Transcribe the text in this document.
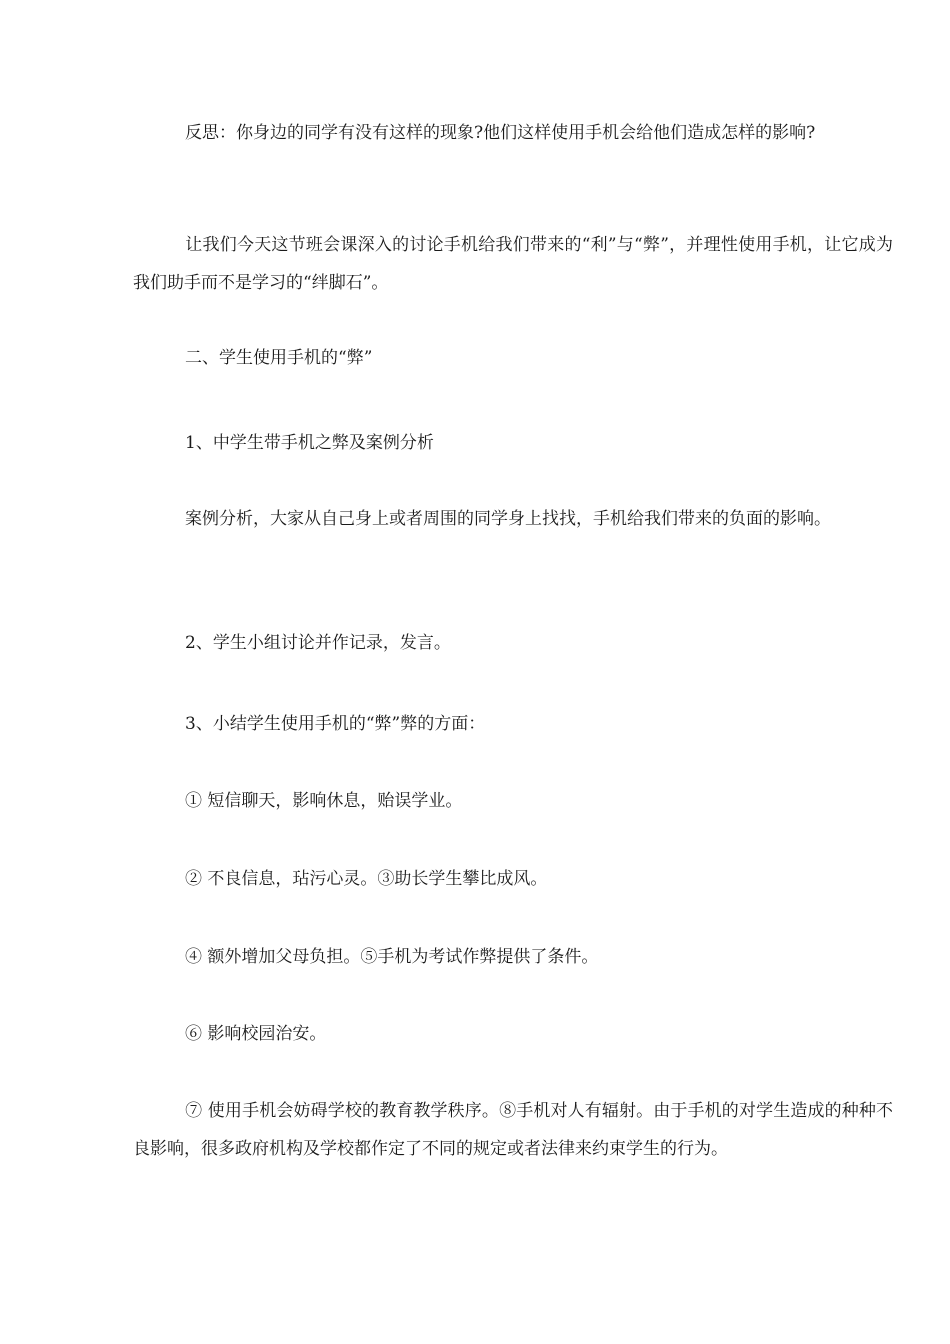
反思：你身边的同学有没有这样的现象?他们这样使用手机会给他们造成怎样的影响?

让我们今天这节班会课深入的讨论手机给我们带来的“利”与“弊”，并理性使用手机，让它成为我们助手而不是学习的“绊脚石”。

二、学生使用手机的“弊”

1、中学生带手机之弊及案例分析

案例分析，大家从自己身上或者周围的同学身上找找，手机给我们带来的负面的影响。

2、学生小组讨论并作记录，发言。

3、小结学生使用手机的“弊”弊的方面：

① 短信聊天，影响休息，贻误学业。

② 不良信息，玷污心灵。③助长学生攀比成风。

④ 额外增加父母负担。⑤手机为考试作弊提供了条件。

⑥ 影响校园治安。

⑦ 使用手机会妨碍学校的教育教学秩序。⑧手机对人有辐射。由于手机的对学生造成的种种不良影响，很多政府机构及学校都作定了不同的规定或者法律来约束学生的行为。
